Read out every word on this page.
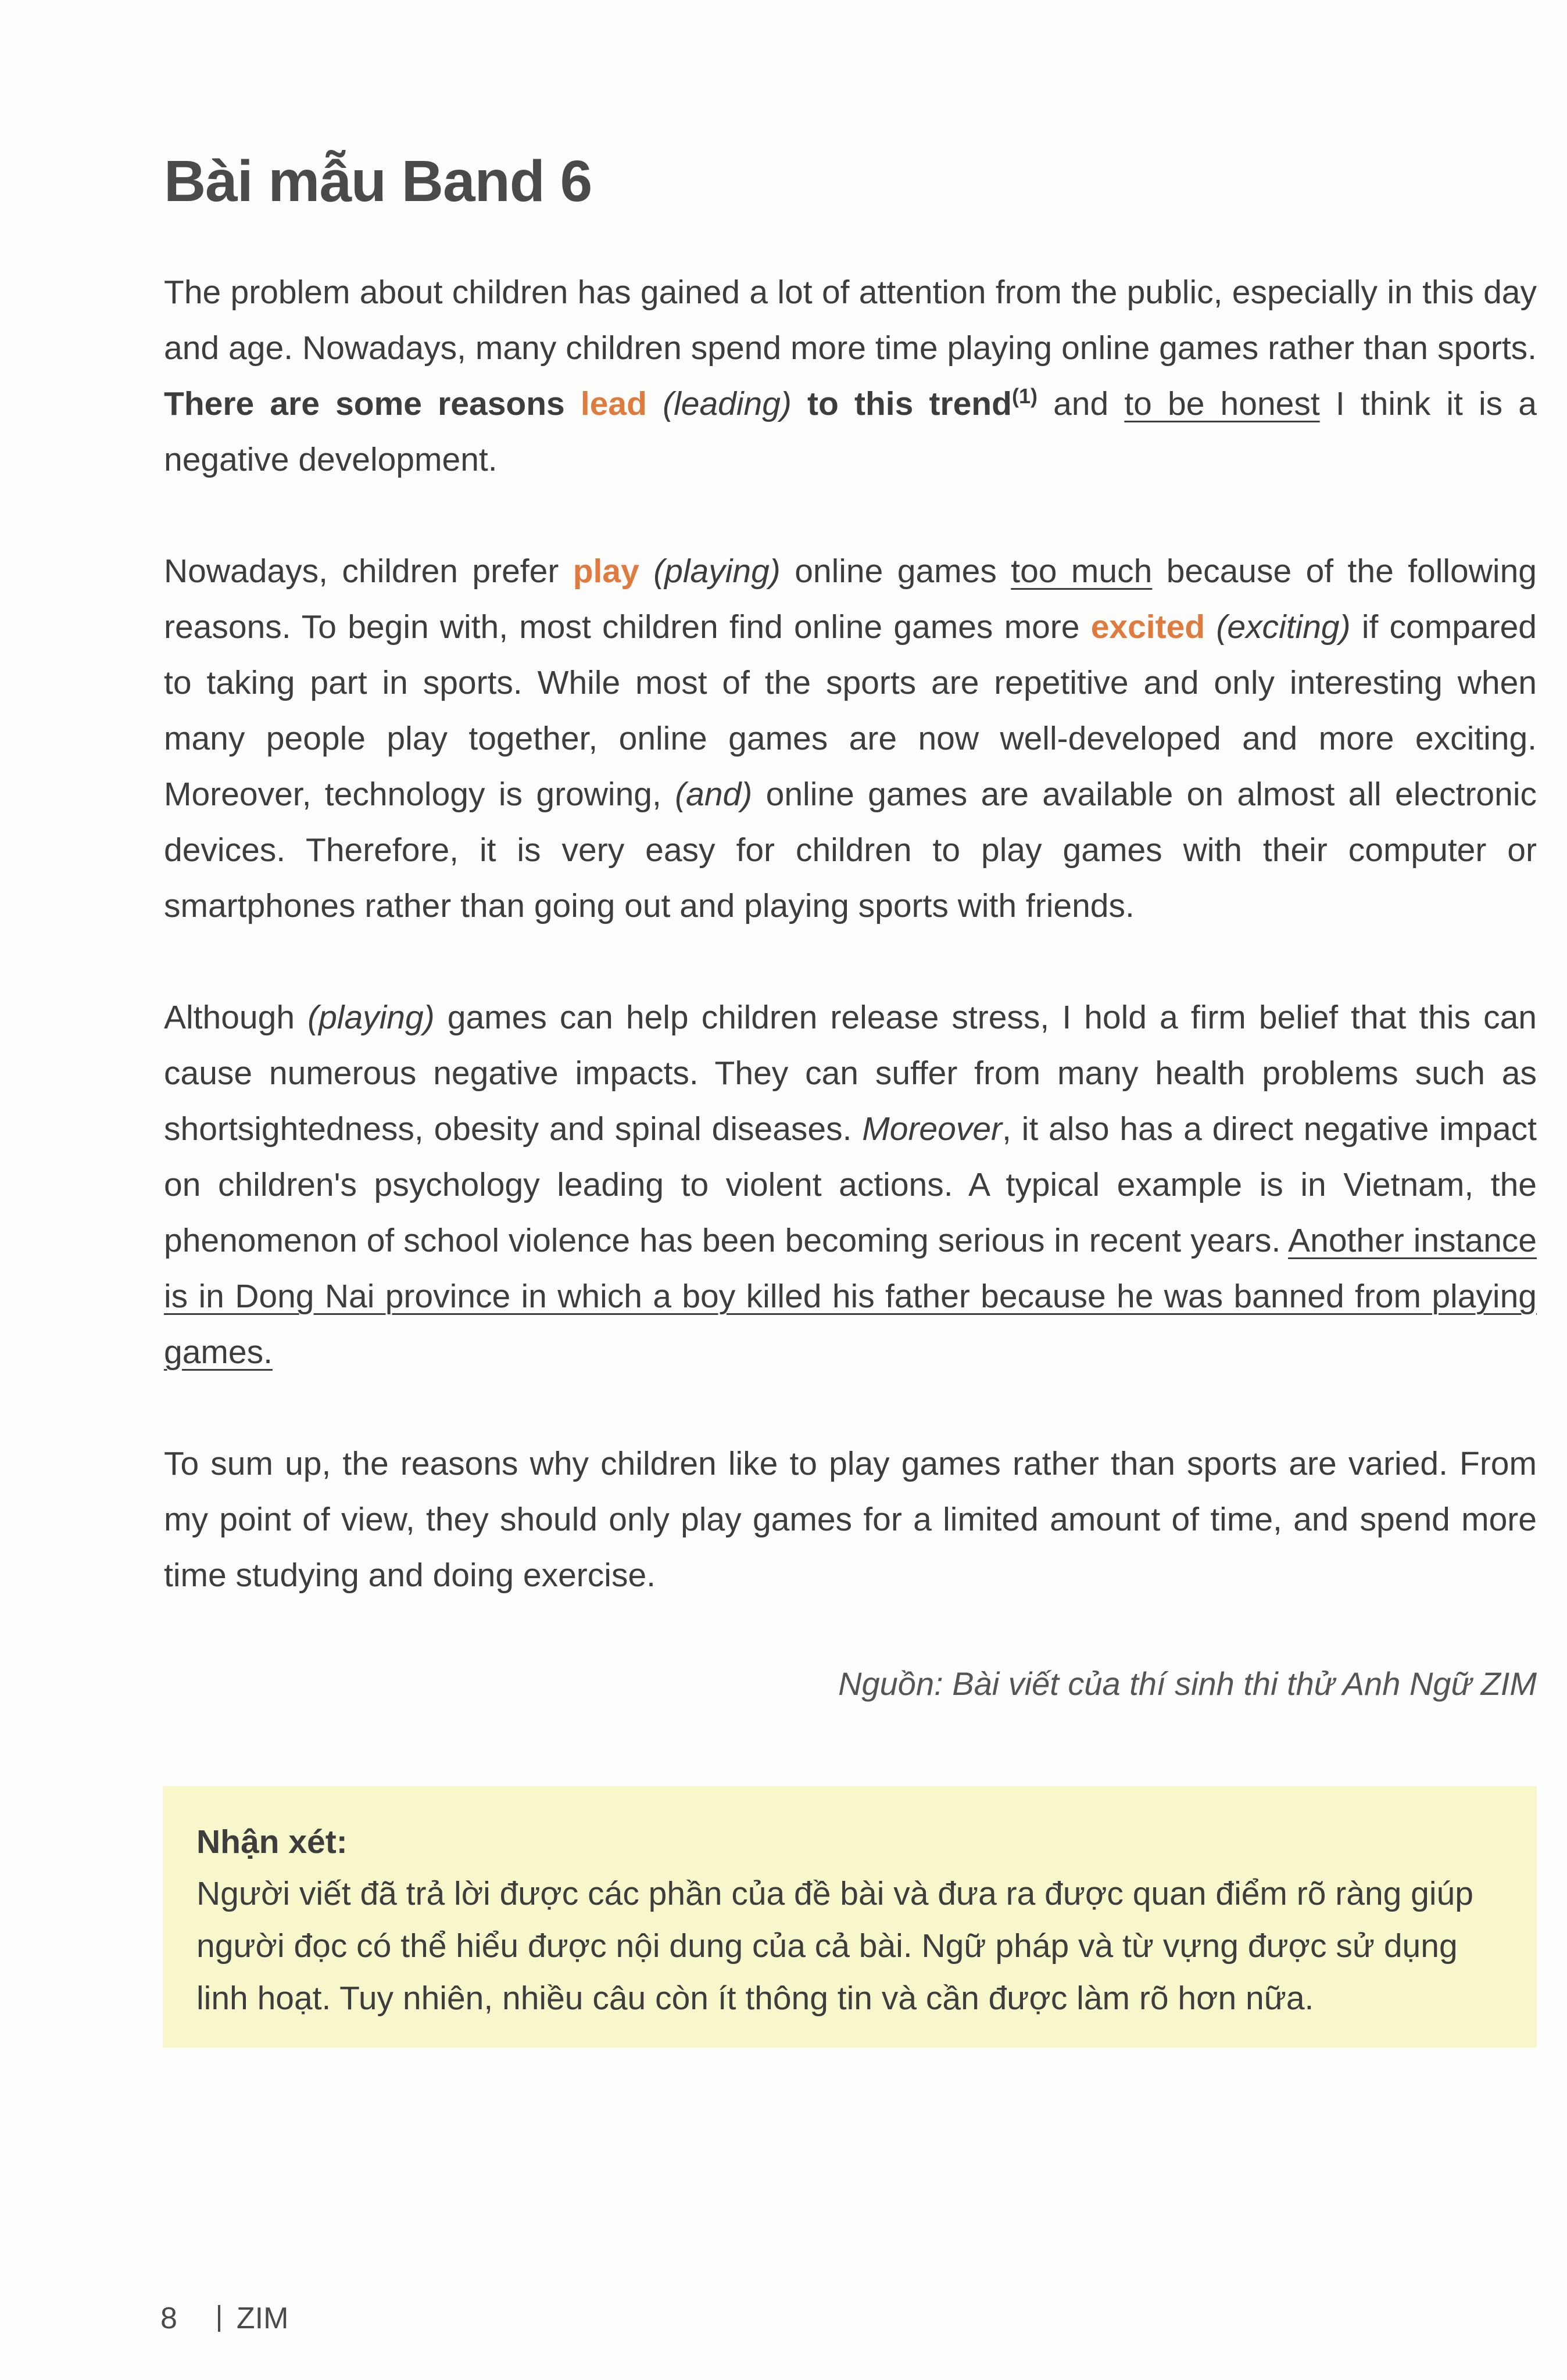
Bài mẫu Band 6

The problem about children has gained a lot of attention from the public, especially in this day and age. Nowadays, many children spend more time playing online games rather than sports. There are some reasons lead (leading) to this trend$^{(1)}$ and to be honest I think it is a negative development.

Nowadays, children prefer play (playing) online games too much because of the following reasons. To begin with, most children find online games more excited (exciting) if compared to taking part in sports. While most of the sports are repetitive and only interesting when many people play together, online games are now well-developed and more exciting. Moreover, technology is growing, (and) online games are available on almost all electronic devices. Therefore, it is very easy for children to play games with their computer or smartphones rather than going out and playing sports with friends.

Although (playing) games can help children release stress, I hold a firm belief that this can cause numerous negative impacts. They can suffer from many health problems such as shortsightedness, obesity and spinal diseases. Moreover, it also has a direct negative impact on children's psychology leading to violent actions. A typical example is in Vietnam, the phenomenon of school violence has been becoming serious in recent years. Another instance is in Dong Nai province in which a boy killed his father because he was banned from playing games.

To sum up, the reasons why children like to play games rather than sports are varied. From my point of view, they should only play games for a limited amount of time, and spend more time studying and doing exercise.

Nguồn: Bài viết của thí sinh thi thử Anh Ngữ ZIM
Nhận xét:

Người viết đã trả lời được các phần của đề bài và đưa ra được quan điểm rõ ràng giúp người đọc có thể hiểu được nội dung của cả bài. Ngữ pháp và từ vựng được sử dụng linh hoạt. Tuy nhiên, nhiều câu còn ít thông tin và cần được làm rõ hơn nữa.

8 ZIM
